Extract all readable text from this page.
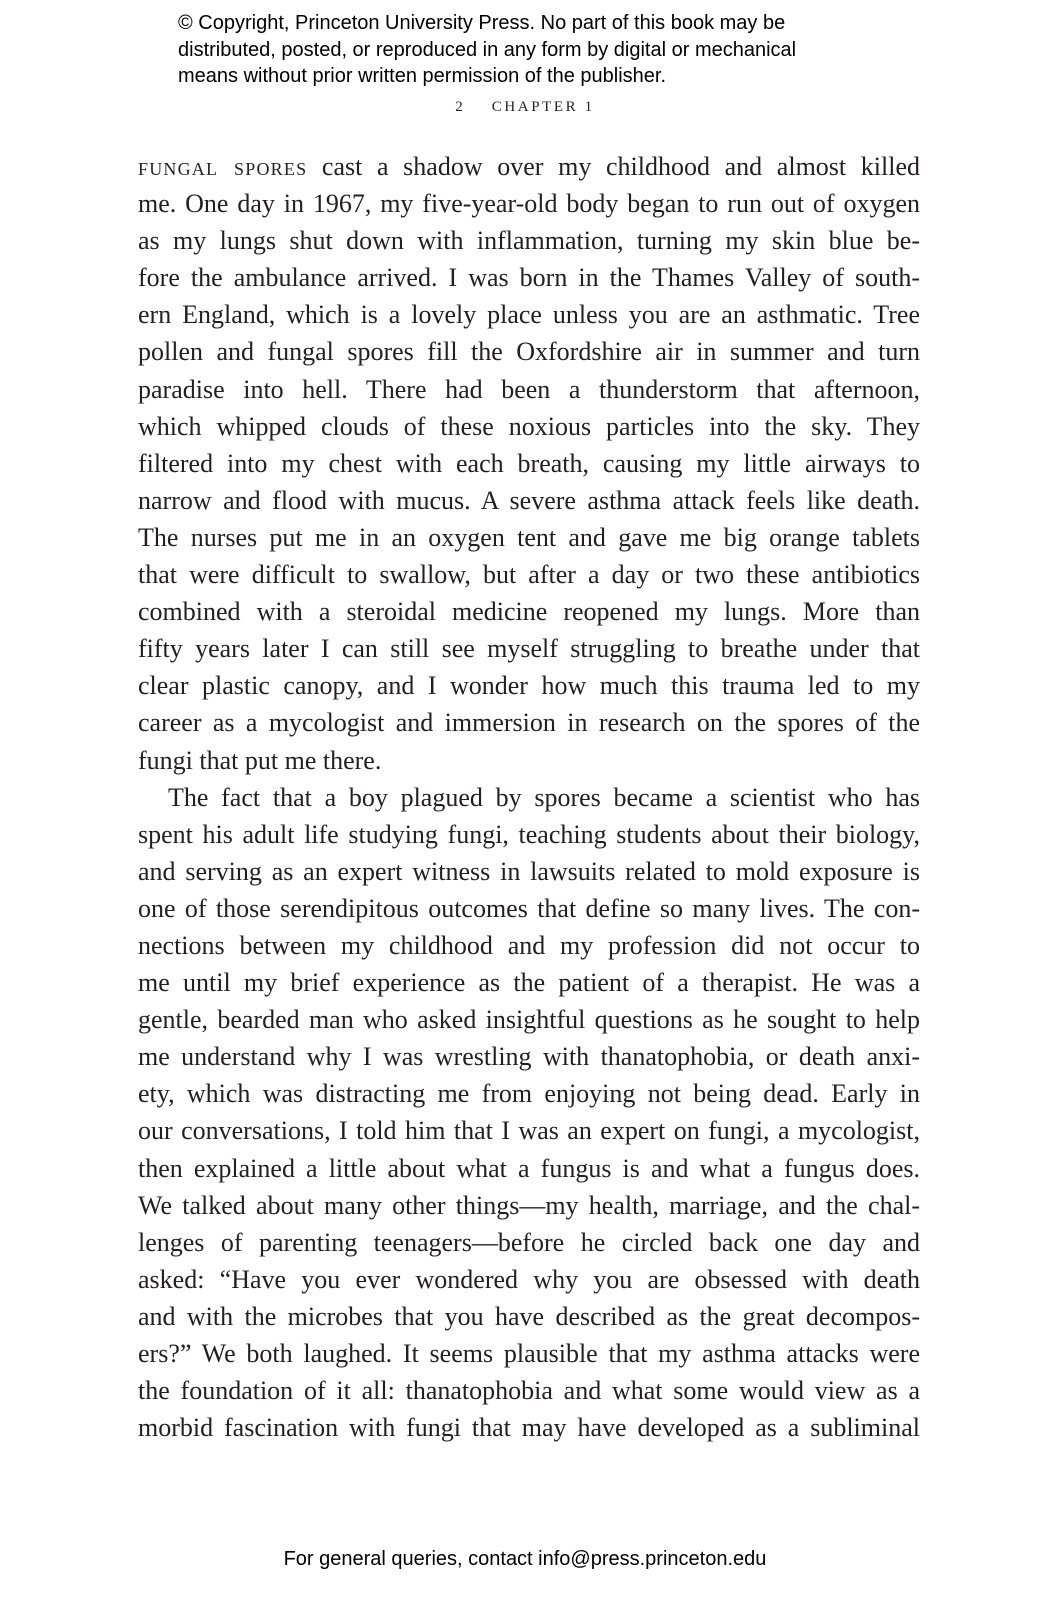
© Copyright, Princeton University Press. No part of this book may be
distributed, posted, or reproduced in any form by digital or mechanical
means without prior written permission of the publisher.
2 CHAPTER 1
fungal spores cast a shadow over my childhood and almost killed
me. One day in 1967, my five-year-old body began to run out of oxygen
as my lungs shut down with inflammation, turning my skin blue be-
fore the ambulance arrived. I was born in the Thames Valley of south-
ern England, which is a lovely place unless you are an asthmatic. Tree
pollen and fungal spores fill the Oxfordshire air in summer and turn
paradise into hell. There had been a thunderstorm that afternoon,
which whipped clouds of these noxious particles into the sky. They
filtered into my chest with each breath, causing my little airways to
narrow and flood with mucus. A severe asthma attack feels like death.
The nurses put me in an oxygen tent and gave me big orange tablets
that were difficult to swallow, but after a day or two these antibiotics
combined with a steroidal medicine reopened my lungs. More than
fifty years later I can still see myself struggling to breathe under that
clear plastic canopy, and I wonder how much this trauma led to my
career as a mycologist and immersion in research on the spores of the
fungi that put me there.
The fact that a boy plagued by spores became a scientist who has
spent his adult life studying fungi, teaching students about their biology,
and serving as an expert witness in lawsuits related to mold exposure is
one of those serendipitous outcomes that define so many lives. The con-
nections between my childhood and my profession did not occur to
me until my brief experience as the patient of a therapist. He was a
gentle, bearded man who asked insightful questions as he sought to help
me understand why I was wrestling with thanatophobia, or death anxi-
ety, which was distracting me from enjoying not being dead. Early in
our conversations, I told him that I was an expert on fungi, a mycologist,
then explained a little about what a fungus is and what a fungus does.
We talked about many other things—my health, marriage, and the chal-
lenges of parenting teenagers—before he circled back one day and
asked: “Have you ever wondered why you are obsessed with death
and with the microbes that you have described as the great decompos-
ers?” We both laughed. It seems plausible that my asthma attacks were
the foundation of it all: thanatophobia and what some would view as a
morbid fascination with fungi that may have developed as a subliminal
For general queries, contact info@press.princeton.edu
